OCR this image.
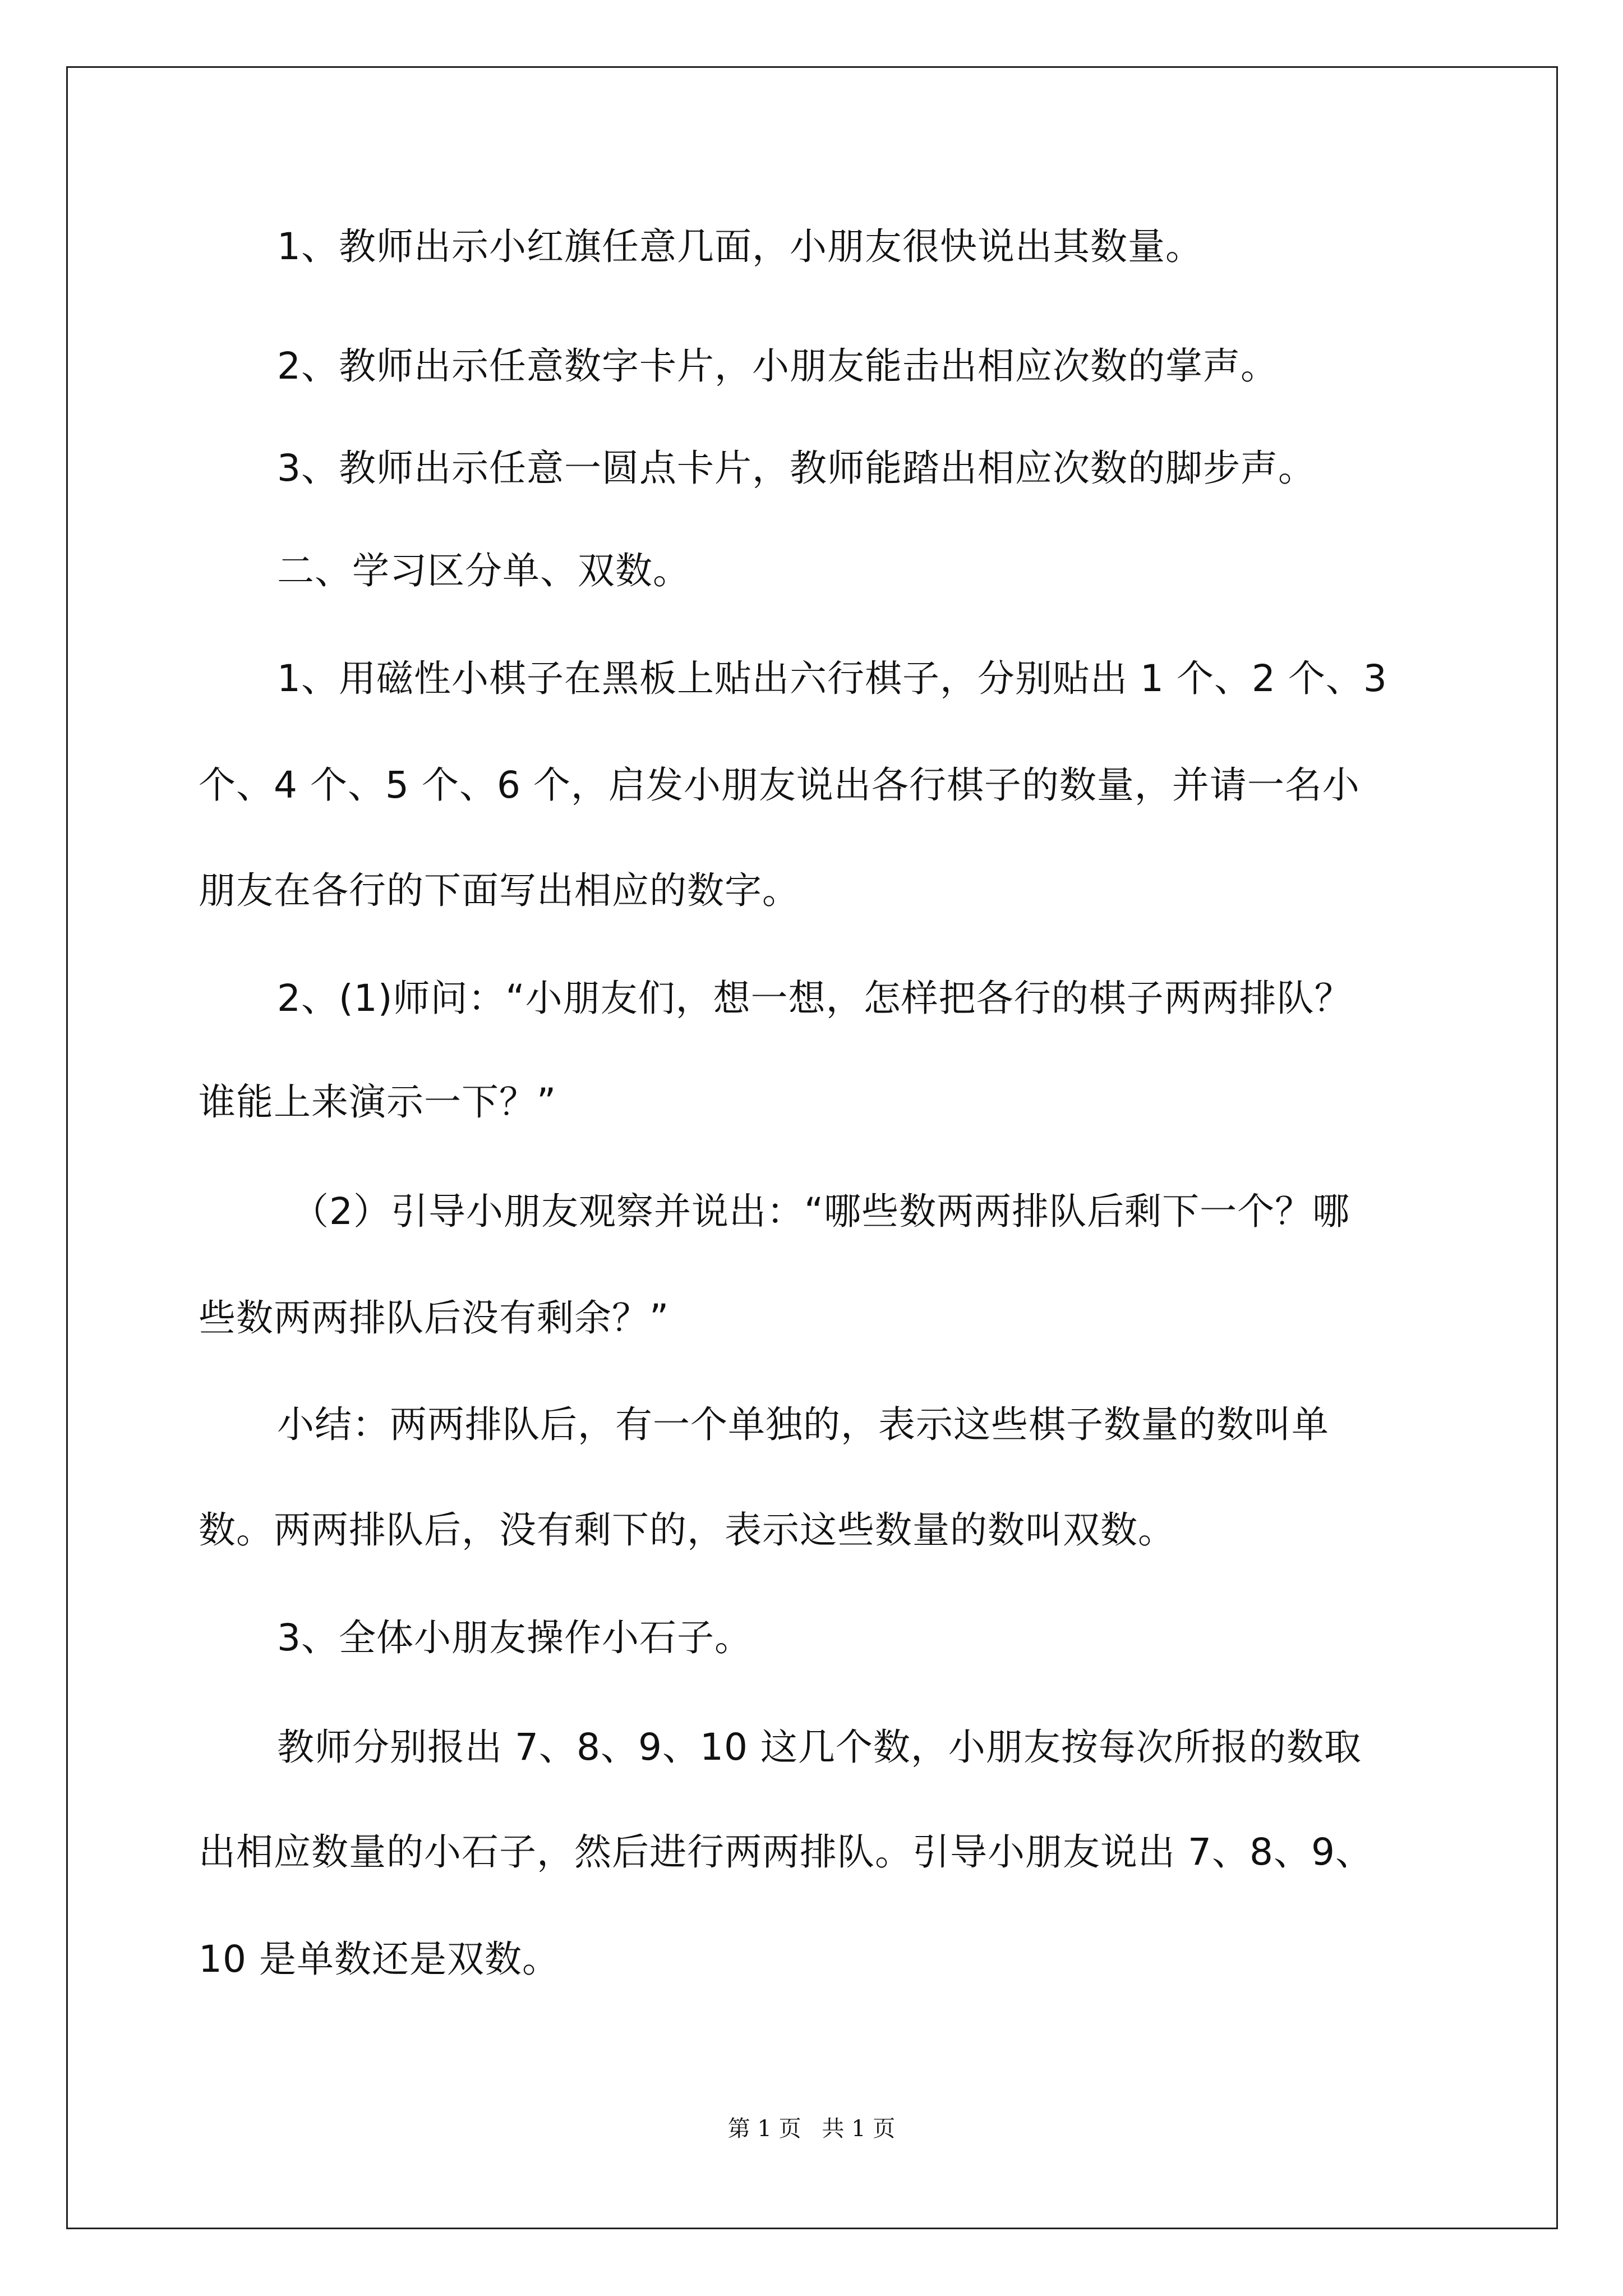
1、教师出示小红旗任意几面，小朋友很快说出其数量。
2、教师出示任意数字卡片，小朋友能击出相应次数的掌声。
3、教师出示任意一圆点卡片，教师能踏出相应次数的脚步声。
二、学习区分单、双数。
1、用磁性小棋子在黑板上贴出六行棋子，分别贴出 1 个、2 个、3
个、4 个、5 个、6 个，启发小朋友说出各行棋子的数量，并请一名小
朋友在各行的下面写出相应的数字。
2、(1)师问：“小朋友们，想一想，怎样把各行的棋子两两排队？
谁能上来演示一下？”
（2）引导小朋友观察并说出：“哪些数两两排队后剩下一个？哪
些数两两排队后没有剩余？”
小结：两两排队后，有一个单独的，表示这些棋子数量的数叫单
数。两两排队后，没有剩下的，表示这些数量的数叫双数。
3、全体小朋友操作小石子。
教师分别报出 7、8、9、10 这几个数，小朋友按每次所报的数取
出相应数量的小石子，然后进行两两排队。引导小朋友说出 7、8、9、
10 是单数还是双数。
第 1 页 共 1 页
